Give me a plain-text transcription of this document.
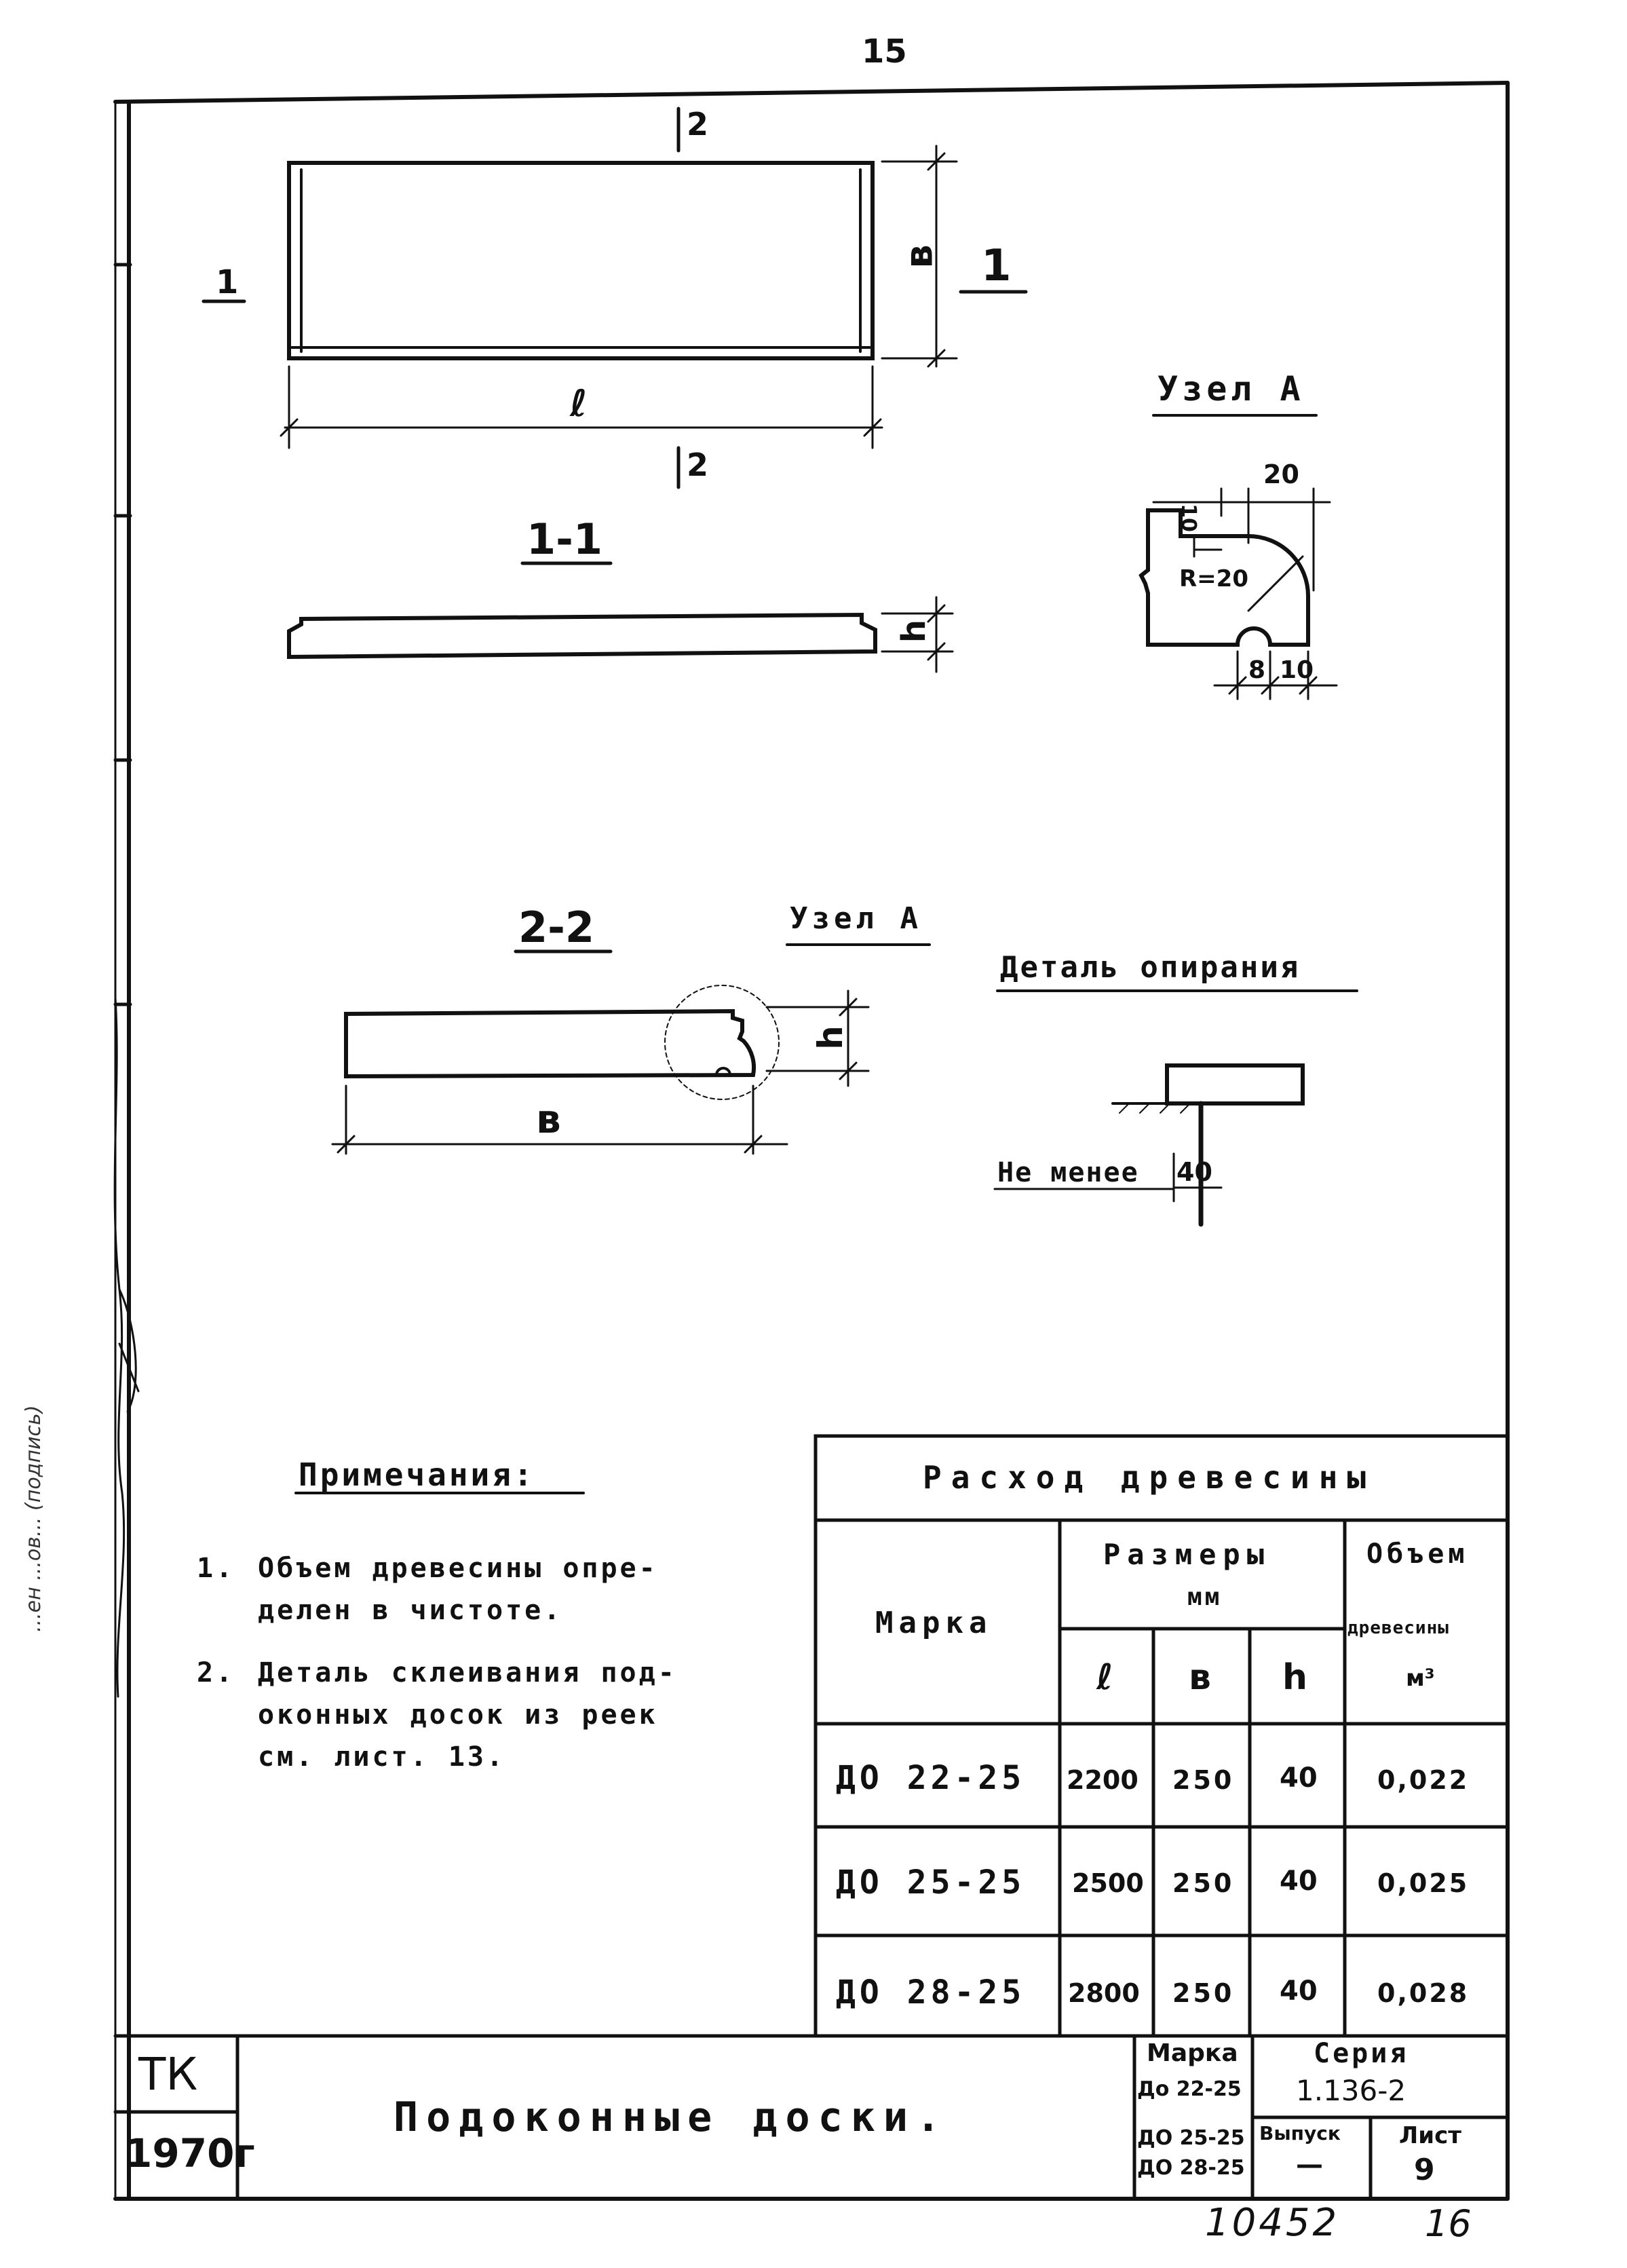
15
2
2
1	1
в
ℓ
1-1
h
Узел А
20
10
R=20
8 10
2-2	Узел А
в
h
Деталь опирания
Не менее 40
...ен ...ов... (подпись)	Примечания:
1. Объем древесины опре-
делен в чистоте.
2. Деталь склеивания под-
оконных досок из реек
см. лист. 13.
Расход древесины
Марка
Размеры
мм
ℓ в h
Объем
древесины
м³
ДО 22-25 2200 250 40 0,022
ДО 25-25 2500 250 40 0,025
ДО 28-25 2800 250 40 0,028
ТК
1970г
Подоконные доски.
Марка
До 22-25
ДО 25-25
ДО 28-25
Серия
1.136-2
Выпуск
—
Лист
9
10452 16
